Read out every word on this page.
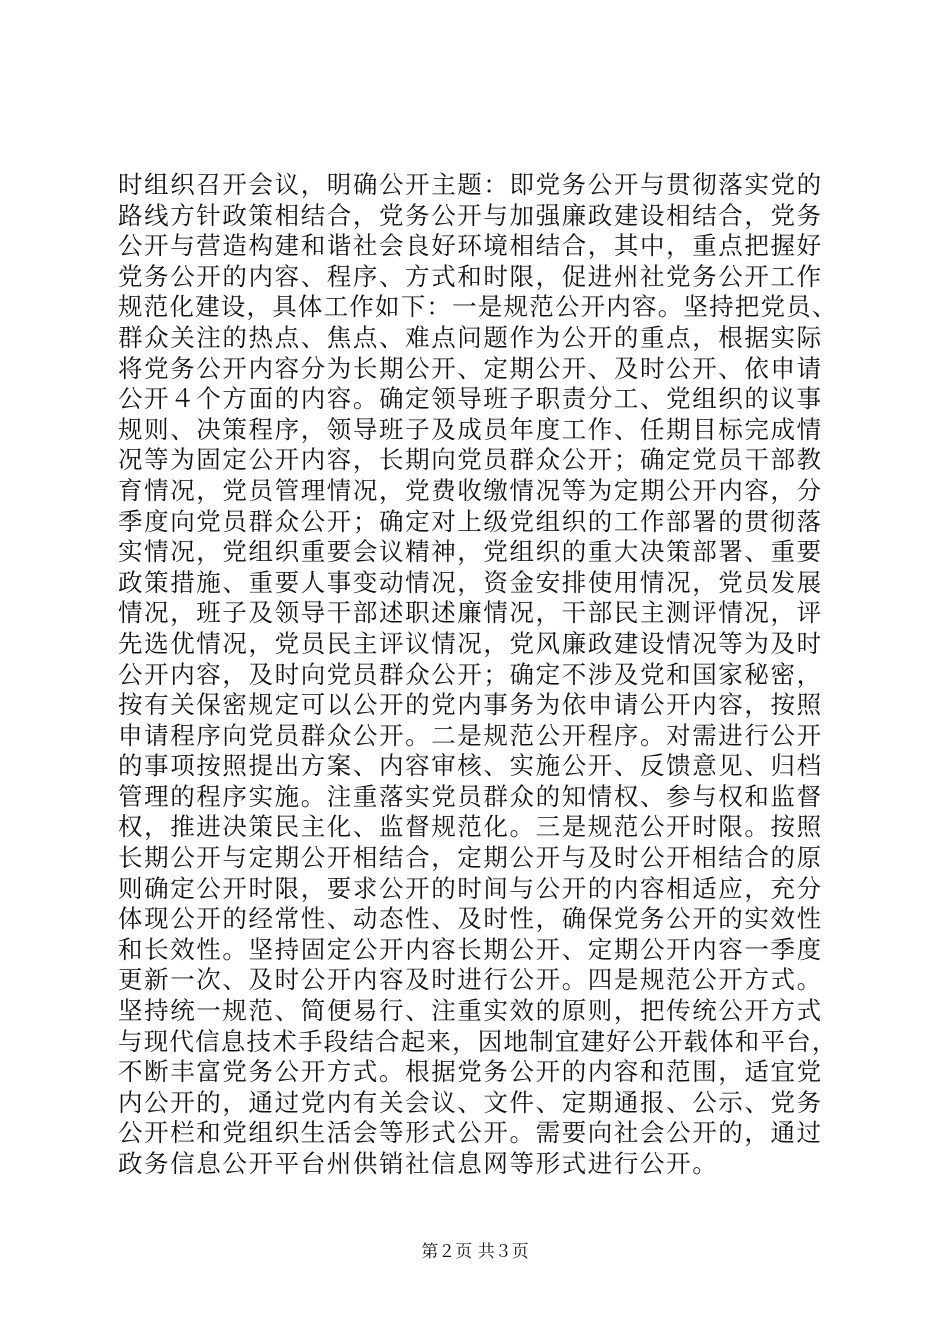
时组织召开会议，明确公开主题：即党务公开与贯彻落实党的
路线方针政策相结合，党务公开与加强廉政建设相结合，党务
公开与营造构建和谐社会良好环境相结合，其中，重点把握好
党务公开的内容、程序、方式和时限，促进州社党务公开工作
规范化建设，具体工作如下：一是规范公开内容。坚持把党员、
群众关注的热点、焦点、难点问题作为公开的重点，根据实际
将党务公开内容分为长期公开、定期公开、及时公开、依申请
公开４个方面的内容。确定领导班子职责分工、党组织的议事
规则、决策程序，领导班子及成员年度工作、任期目标完成情
况等为固定公开内容，长期向党员群众公开；确定党员干部教
育情况，党员管理情况，党费收缴情况等为定期公开内容，分
季度向党员群众公开；确定对上级党组织的工作部署的贯彻落
实情况，党组织重要会议精神，党组织的重大决策部署、重要
政策措施、重要人事变动情况，资金安排使用情况，党员发展
情况，班子及领导干部述职述廉情况，干部民主测评情况，评
先选优情况，党员民主评议情况，党风廉政建设情况等为及时
公开内容，及时向党员群众公开；确定不涉及党和国家秘密，
按有关保密规定可以公开的党内事务为依申请公开内容，按照
申请程序向党员群众公开。二是规范公开程序。对需进行公开
的事项按照提出方案、内容审核、实施公开、反馈意见、归档
管理的程序实施。注重落实党员群众的知情权、参与权和监督
权，推进决策民主化、监督规范化。三是规范公开时限。按照
长期公开与定期公开相结合，定期公开与及时公开相结合的原
则确定公开时限，要求公开的时间与公开的内容相适应，充分
体现公开的经常性、动态性、及时性，确保党务公开的实效性
和长效性。坚持固定公开内容长期公开、定期公开内容一季度
更新一次、及时公开内容及时进行公开。四是规范公开方式。
坚持统一规范、简便易行、注重实效的原则，把传统公开方式
与现代信息技术手段结合起来，因地制宜建好公开载体和平台，
不断丰富党务公开方式。根据党务公开的内容和范围，适宜党
内公开的，通过党内有关会议、文件、定期通报、公示、党务
公开栏和党组织生活会等形式公开。需要向社会公开的，通过
政务信息公开平台州供销社信息网等形式进行公开。
第２页 共３页
